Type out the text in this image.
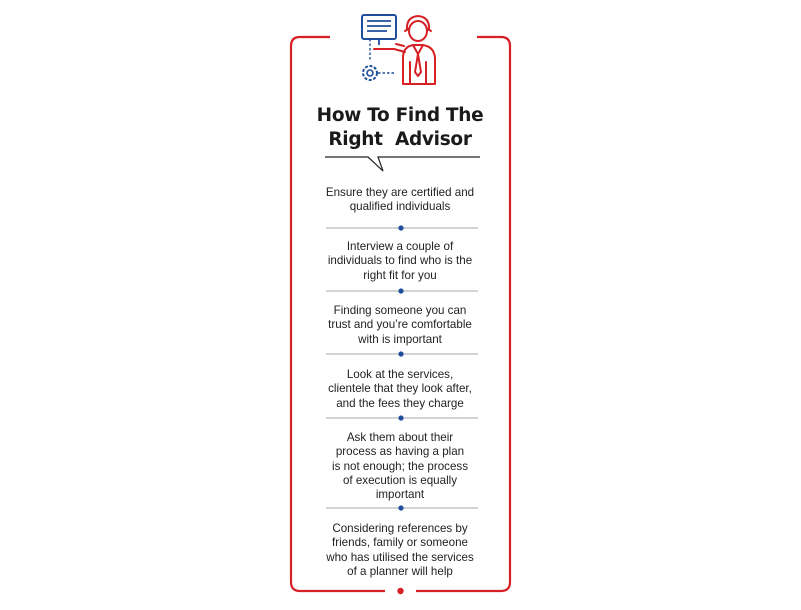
How To Find The
Right  Advisor
Ensure they are certified and
qualified individuals
Interview a couple of
individuals to find who is the
right fit for you
Finding someone you can
trust and you’re comfortable
with is important
Look at the services,
clientele that they look after,
and the fees they charge
Ask them about their
process as having a plan
is not enough; the process
of execution is equally
important
Considering references by
friends, family or someone
who has utilised the services
of a planner will help
